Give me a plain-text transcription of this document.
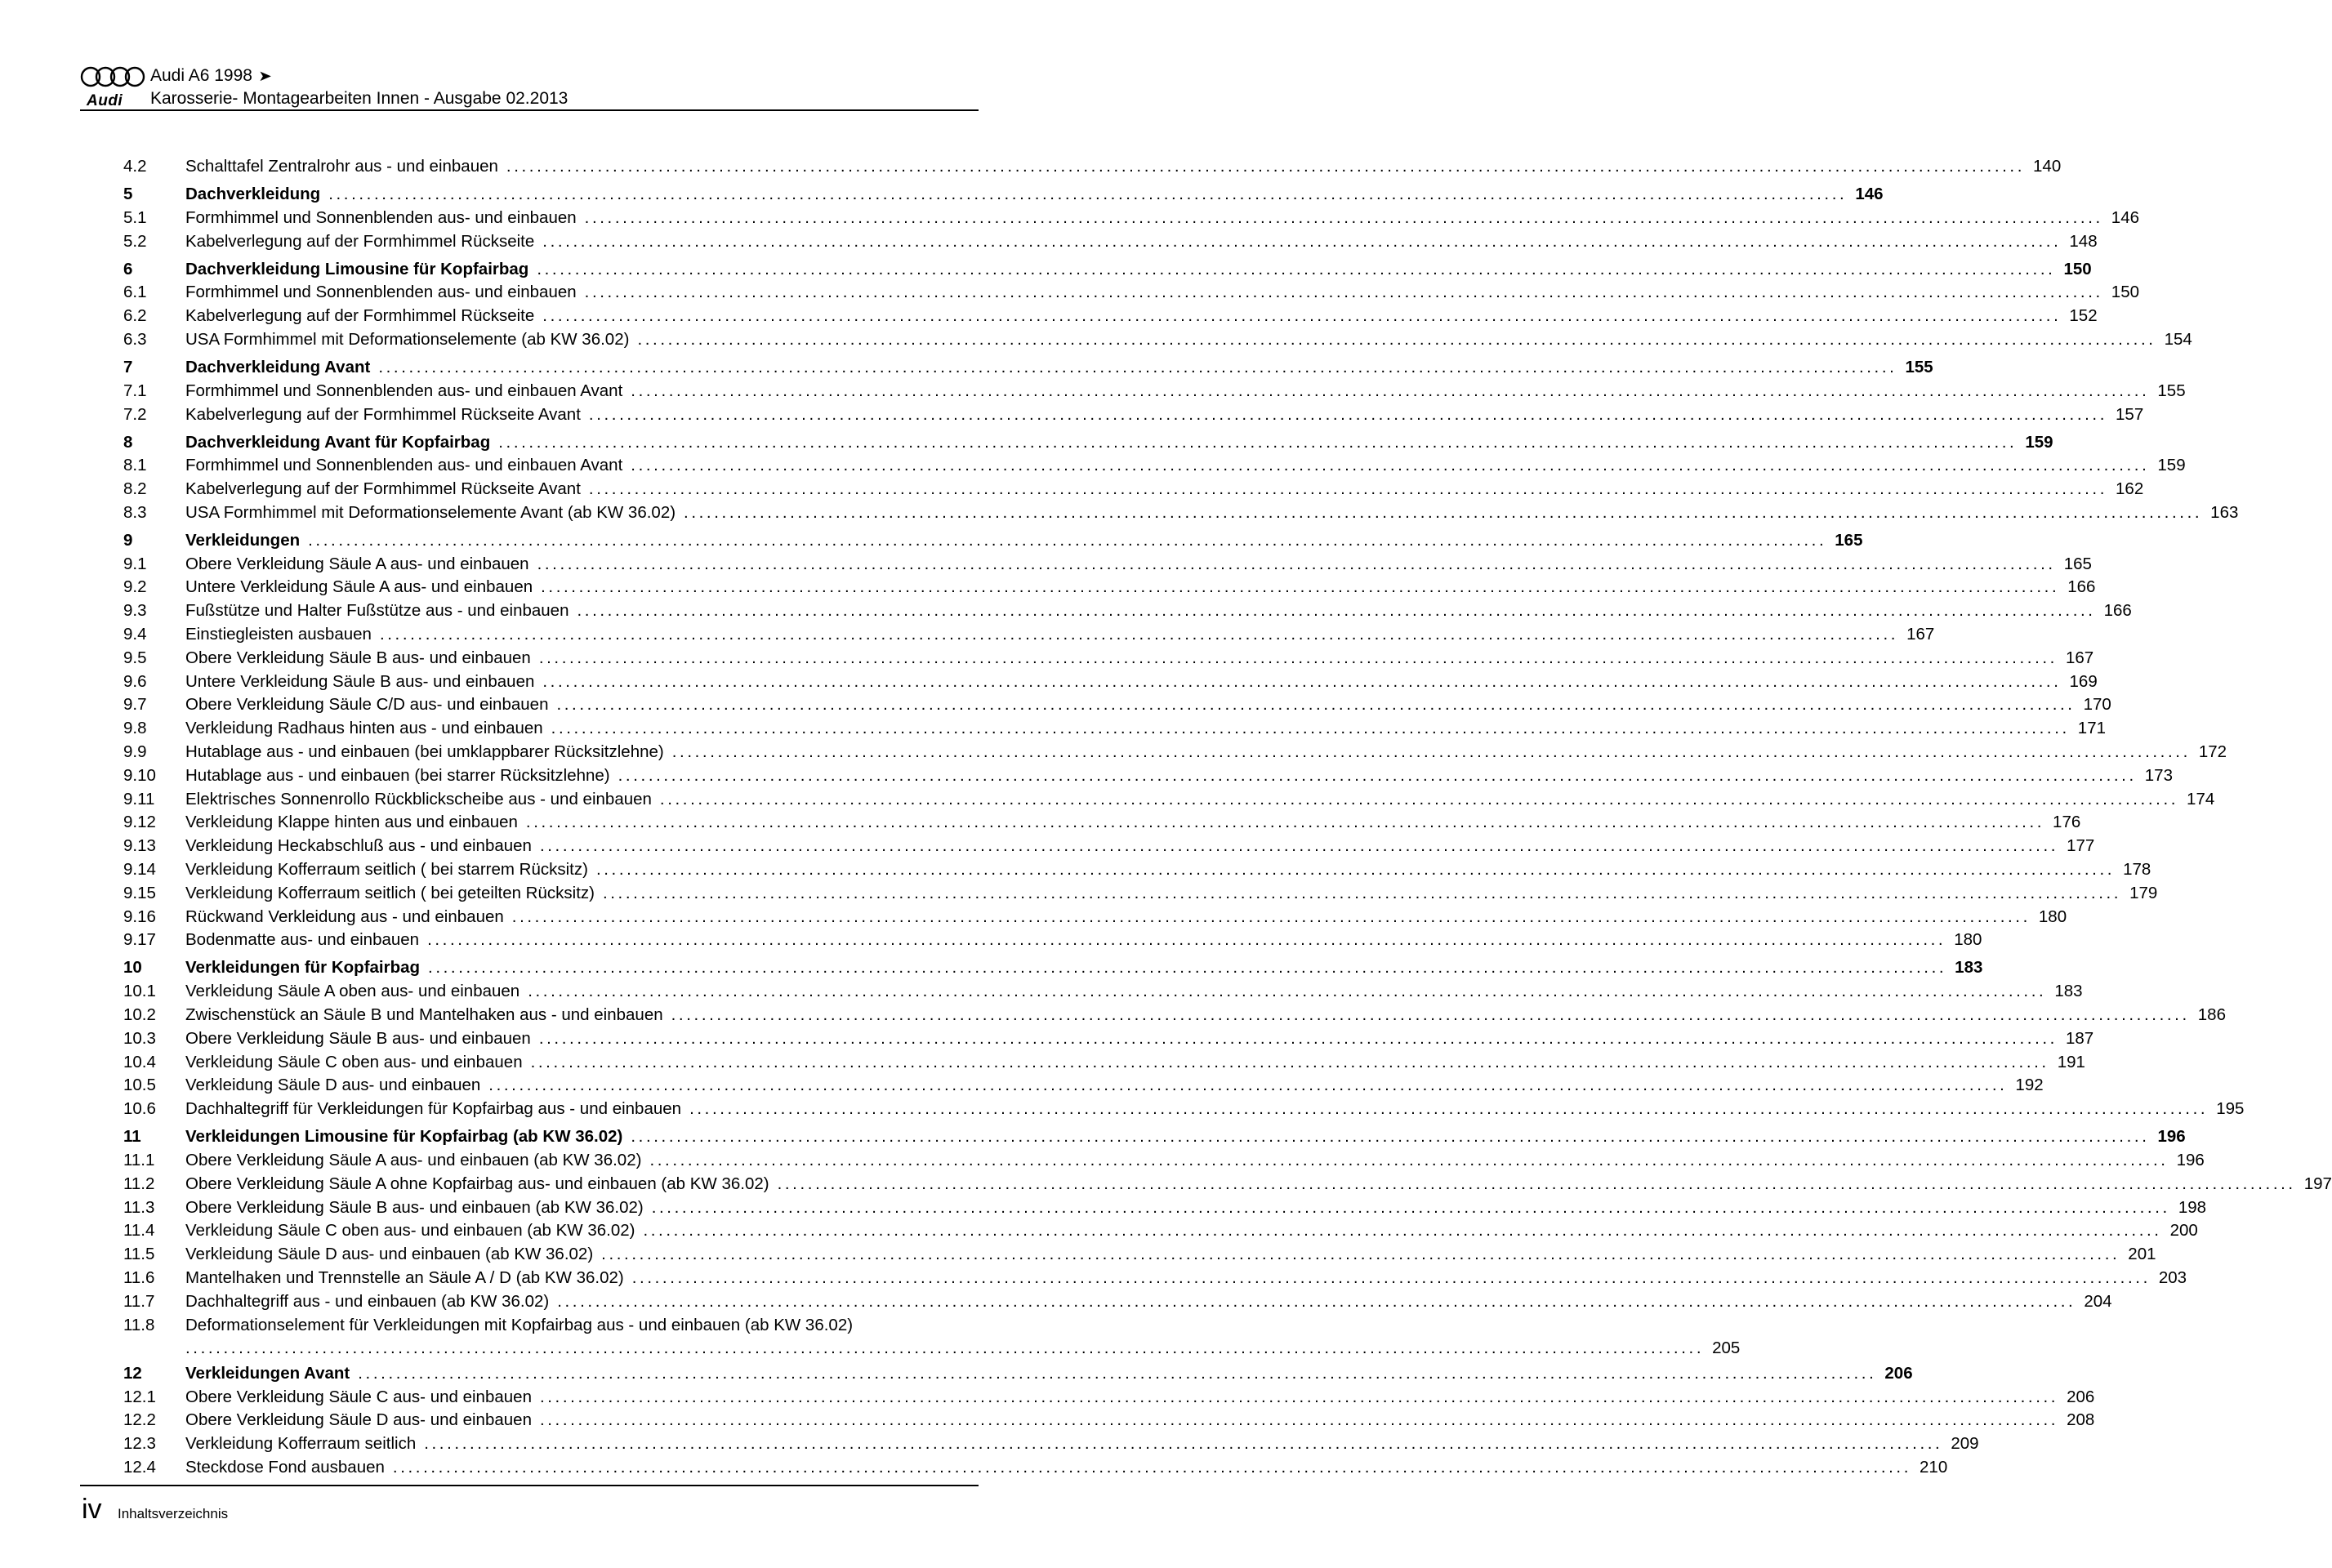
Audi
Audi A6 1998 ➤
Karosserie- Montagearbeiten Innen - Ausgabe 02.2013
4.2 Schalttafel Zentralrohr aus - und einbauen ........................................................................................................................................................................................................ 140
5	Dachverkleidung ........................................................................................................................................................................................................ 146
5.1 Formhimmel und Sonnenblenden aus- und einbauen ........................................................................................................................................................................................................ 146
5.2 Kabelverlegung auf der Formhimmel Rückseite ........................................................................................................................................................................................................ 148
6	Dachverkleidung Limousine für Kopfairbag ........................................................................................................................................................................................................ 150
6.1 Formhimmel und Sonnenblenden aus- und einbauen ........................................................................................................................................................................................................ 150
6.2 Kabelverlegung auf der Formhimmel Rückseite ........................................................................................................................................................................................................ 152
6.3 USA Formhimmel mit Deformationselemente (ab KW 36.02) ........................................................................................................................................................................................................ 154
7	Dachverkleidung Avant ........................................................................................................................................................................................................ 155
7.1 Formhimmel und Sonnenblenden aus- und einbauen Avant ........................................................................................................................................................................................................ 155
7.2 Kabelverlegung auf der Formhimmel Rückseite Avant ........................................................................................................................................................................................................ 157
8	Dachverkleidung Avant für Kopfairbag ........................................................................................................................................................................................................ 159
8.1 Formhimmel und Sonnenblenden aus- und einbauen Avant ........................................................................................................................................................................................................ 159
8.2 Kabelverlegung auf der Formhimmel Rückseite Avant ........................................................................................................................................................................................................ 162
8.3 USA Formhimmel mit Deformationselemente Avant (ab KW 36.02) ........................................................................................................................................................................................................ 163
9	Verkleidungen ........................................................................................................................................................................................................ 165
9.1 Obere Verkleidung Säule A aus- und einbauen ........................................................................................................................................................................................................ 165
9.2 Untere Verkleidung Säule A aus- und einbauen ........................................................................................................................................................................................................ 166
9.3 Fußstütze und Halter Fußstütze aus - und einbauen ........................................................................................................................................................................................................ 166
9.4 Einstiegleisten ausbauen ........................................................................................................................................................................................................ 167
9.5 Obere Verkleidung Säule B aus- und einbauen ........................................................................................................................................................................................................ 167
9.6 Untere Verkleidung Säule B aus- und einbauen ........................................................................................................................................................................................................ 169
9.7 Obere Verkleidung Säule C/D aus- und einbauen ........................................................................................................................................................................................................ 170
9.8 Verkleidung Radhaus hinten aus - und einbauen ........................................................................................................................................................................................................ 171
9.9 Hutablage aus - und einbauen (bei umklappbarer Rücksitzlehne) ........................................................................................................................................................................................................ 172
9.10 Hutablage aus - und einbauen (bei starrer Rücksitzlehne) ........................................................................................................................................................................................................ 173
9.11 Elektrisches Sonnenrollo Rückblickscheibe aus - und einbauen ........................................................................................................................................................................................................ 174
9.12 Verkleidung Klappe hinten aus und einbauen ........................................................................................................................................................................................................ 176
9.13 Verkleidung Heckabschluß aus - und einbauen ........................................................................................................................................................................................................ 177
9.14 Verkleidung Kofferraum seitlich ( bei starrem Rücksitz) ........................................................................................................................................................................................................ 178
9.15 Verkleidung Kofferraum seitlich ( bei geteilten Rücksitz) ........................................................................................................................................................................................................ 179
9.16 Rückwand Verkleidung aus - und einbauen ........................................................................................................................................................................................................ 180
9.17 Bodenmatte aus- und einbauen ........................................................................................................................................................................................................ 180
10	Verkleidungen für Kopfairbag ........................................................................................................................................................................................................ 183
10.1 Verkleidung Säule A oben aus- und einbauen ........................................................................................................................................................................................................ 183
10.2 Zwischenstück an Säule B und Mantelhaken aus - und einbauen ........................................................................................................................................................................................................ 186
10.3 Obere Verkleidung Säule B aus- und einbauen ........................................................................................................................................................................................................ 187
10.4 Verkleidung Säule C oben aus- und einbauen ........................................................................................................................................................................................................ 191
10.5 Verkleidung Säule D aus- und einbauen ........................................................................................................................................................................................................ 192
10.6 Dachhaltegriff für Verkleidungen für Kopfairbag aus - und einbauen ........................................................................................................................................................................................................ 195
11	Verkleidungen Limousine für Kopfairbag (ab KW 36.02) ........................................................................................................................................................................................................ 196
11.1 Obere Verkleidung Säule A aus- und einbauen (ab KW 36.02) ........................................................................................................................................................................................................ 196
11.2 Obere Verkleidung Säule A ohne Kopfairbag aus- und einbauen (ab KW 36.02) ........................................................................................................................................................................................................ 197
11.3 Obere Verkleidung Säule B aus- und einbauen (ab KW 36.02) ........................................................................................................................................................................................................ 198
11.4 Verkleidung Säule C oben aus- und einbauen (ab KW 36.02) ........................................................................................................................................................................................................ 200
11.5 Verkleidung Säule D aus- und einbauen (ab KW 36.02) ........................................................................................................................................................................................................ 201
11.6 Mantelhaken und Trennstelle an Säule A / D (ab KW 36.02) ........................................................................................................................................................................................................ 203
11.7 Dachhaltegriff aus - und einbauen (ab KW 36.02) ........................................................................................................................................................................................................ 204
11.8 Deformationselement für Verkleidungen mit Kopfairbag aus - und einbauen (ab KW 36.02)
........................................................................................................................................................................................................ 205
12	Verkleidungen Avant ........................................................................................................................................................................................................ 206
12.1 Obere Verkleidung Säule C aus- und einbauen ........................................................................................................................................................................................................ 206
12.2 Obere Verkleidung Säule D aus- und einbauen ........................................................................................................................................................................................................ 208
12.3 Verkleidung Kofferraum seitlich ........................................................................................................................................................................................................ 209
12.4 Steckdose Fond ausbauen ........................................................................................................................................................................................................ 210
iv Inhaltsverzeichnis
